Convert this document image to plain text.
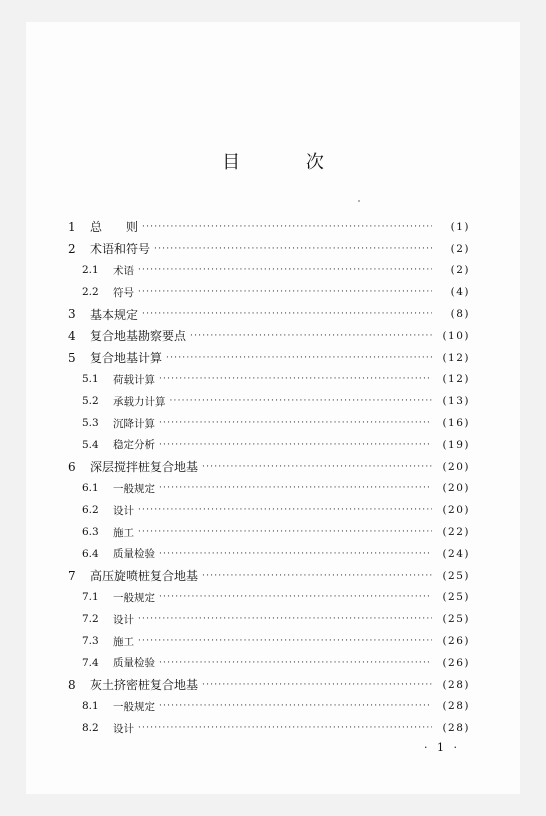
目 次
1	总　　则 ·····	(1)
2	术语和符号 ·····	(2)
2.1	术语 ·····	(2)
2.2	符号 ·····	(4)
3	基本规定 ·····	(8)
4	复合地基勘察要点 ·····	(10)
5	复合地基计算 ·····	(12)
5.1	荷载计算 ·····	(12)
5.2	承载力计算 ·····	(13)
5.3	沉降计算 ·····	(16)
5.4	稳定分析 ·····	(19)
6	深层搅拌桩复合地基 ·····	(20)
6.1	一般规定 ·····	(20)
6.2	设计 ·····	(20)
6.3	施工 ·····	(22)
6.4	质量检验 ·····	(24)
7	高压旋喷桩复合地基 ·····	(25)
7.1	一般规定 ·····	(25)
7.2	设计 ·····	(25)
7.3	施工 ·····	(26)
7.4	质量检验 ·····	(26)
8	灰土挤密桩复合地基 ·····	(28)
8.1	一般规定 ·····	(28)
8.2	设计 ·····	(28)
· 1 ·
